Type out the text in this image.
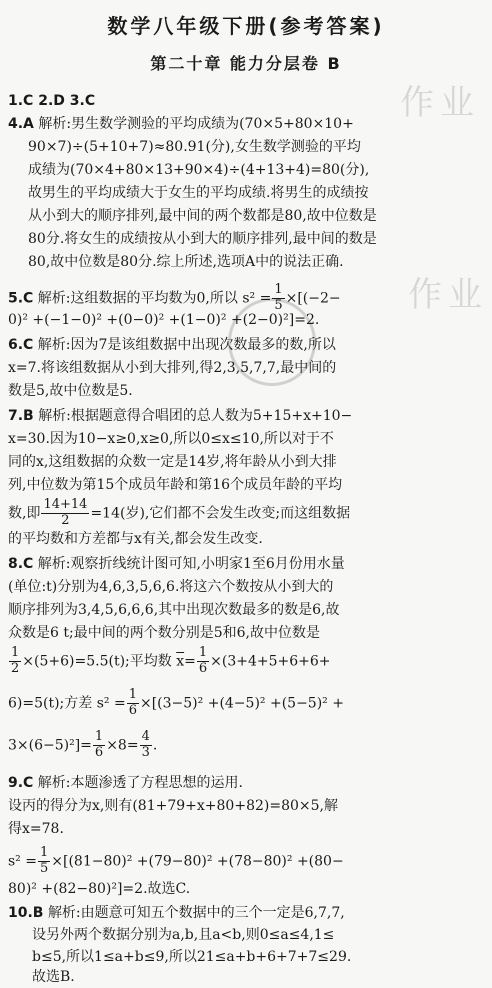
作业
作业
数学八年级下册(参考答案)
第二十章 能力分层卷 B
1.C 2.D 3.C
4.A 解析:男生数学测验的平均成绩为(70×5+80×10+
90×7)÷(5+10+7)≈80.91(分),女生数学测验的平均
成绩为(70×4+80×13+90×4)÷(4+13+4)=80(分),
故男生的平均成绩大于女生的平均成绩.将男生的成绩按
从小到大的顺序排列,最中间的两个数都是80,故中位数是
80分.将女生的成绩按从小到大的顺序排列,最中间的数是
80,故中位数是80分.综上所述,选项A中的说法正确.
5.C 解析:这组数据的平均数为0,所以 $s^2 = \frac{1}{5} \times[(-2-$
0)² +(−1−0)² +(0−0)² +(1−0)² +(2−0)²]=2.
6.C 解析:因为7是该组数据中出现次数最多的数,所以
x=7.将该组数据从小到大排列,得2,3,5,7,7,最中间的
数是5,故中位数是5.
7.B 解析:根据题意得合唱团的总人数为5+15+x+10−
x=30.因为10−x≥0,x≥0,所以0≤x≤10,所以对于不
同的x,这组数据的众数一定是14岁,将年龄从小到大排
列,中位数为第15个成员年龄和第16个成员年龄的平均
数,即 $\frac{14+14}{2} =14$(岁),它们都不会发生改变;而这组数据
的平均数和方差都与x有关,都会发生改变.
8.C 解析:观察折线统计图可知,小明家1至6月份用水量
(单位:t)分别为4,6,3,5,6,6.将这六个数按从小到大的
顺序排列为3,4,5,6,6,6,其中出现次数最多的数是6,故
众数是6 t;最中间的两个数分别是5和6,故中位数是
$\frac{1}{2} \times(5+6)=5.5(t)$;平均数 $\overline{x}= \frac{1}{6} \times(3+4+5+6+6+$
6)=5(t);方差 $s^2 = \frac{1}{6} \times[(3-5)^2 +(4-5)^2 +(5-5)^2$ +
$3\times(6-5)^2]= \frac{1}{6} \times 8= \frac{4}{3}$ .
9.C 解析:本题渗透了方程思想的运用.
设丙的得分为x,则有(81+79+x+80+82)=80×5,解
得x=78.
$s^2 = \frac{1}{5} \times[(81-80)^2 +(79-80)^2 +(78-80)^2 +(80-$
80)² +(82−80)²]=2.故选C.
10.B 解析:由题意可知五个数据中的三个一定是6,7,7,
设另外两个数据分别为a,b,且a<b,则0≤a≤4,1≤
b≤5,所以1≤a+b≤9,所以21≤a+b+6+7+7≤29.
故选B.
